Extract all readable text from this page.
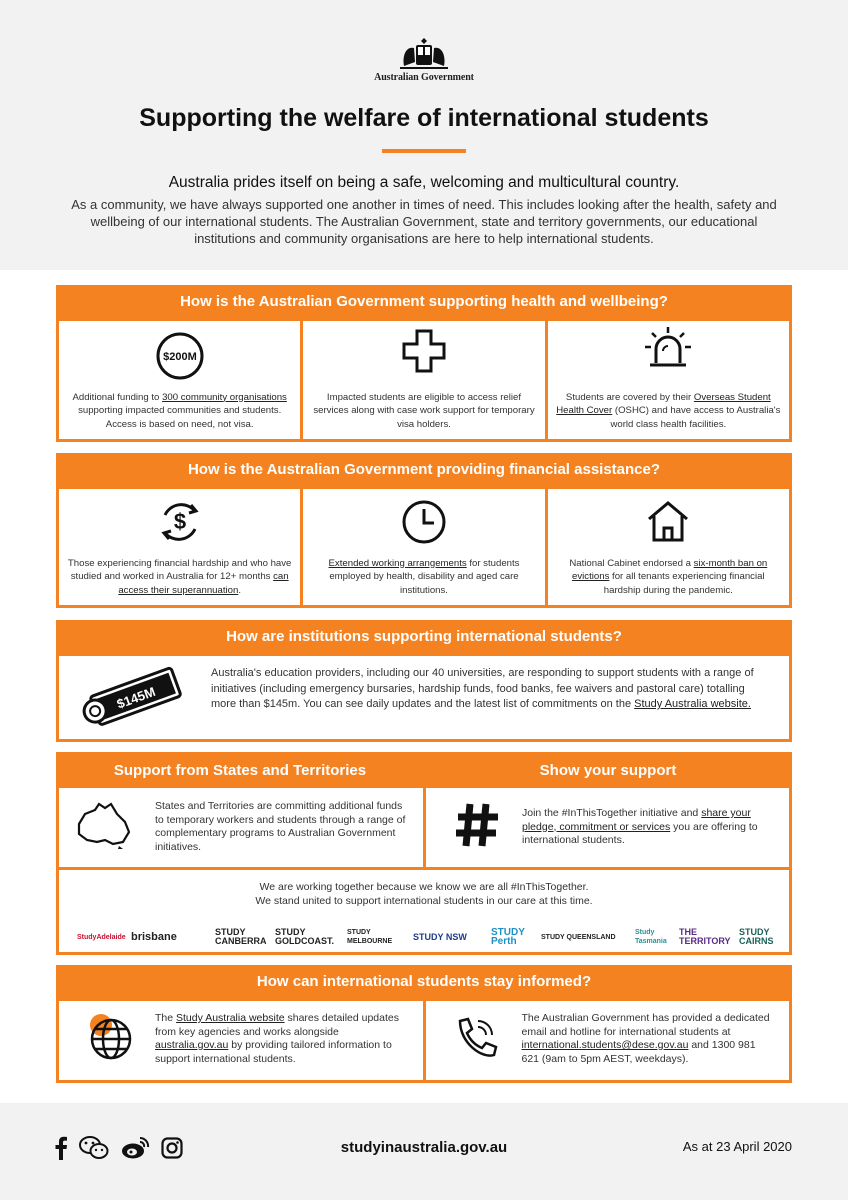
Australian Government
Supporting the welfare of international students
Australia prides itself on being a safe, welcoming and multicultural country.
As a community, we have always supported one another in times of need. This includes looking after the health, safety and wellbeing of our international students. The Australian Government, state and territory governments, our educational institutions and community organisations are here to help international students.
How is the Australian Government supporting health and wellbeing?
$200M
Additional funding to 300 community organisations supporting impacted communities and students. Access is based on need, not visa.
Impacted students are eligible to access relief services along with case work support for temporary visa holders.
Students are covered by their Overseas Student Health Cover (OSHC) and have access to Australia's world class health facilities.
How is the Australian Government providing financial assistance?
$
Those experiencing financial hardship and who have studied and worked in Australia for 12+ months can access their superannuation.
Extended working arrangements for students employed by health, disability and aged care institutions.
National Cabinet endorsed a six-month ban on evictions for all tenants experiencing financial hardship during the pandemic.
How are institutions supporting international students?
$145M
Australia's education providers, including our 40 universities, are responding to support students with a range of initiatives (including emergency bursaries, hardship funds, food banks, fee waivers and pastoral care) totalling more than $145m. You can see daily updates and the latest list of commitments on the Study Australia website.
Support from States and Territories	Show your support
States and Territories are committing additional funds to temporary workers and students through a range of complementary programs to Australian Government initiatives.
Join the #InThisTogether initiative and share your pledge, commitment or services you are offering to international students.
We are working together because we know we are all #InThisTogether.
We stand united to support international students in our care at this time.
StudyAdelaide brisbane	STUDY CANBERRA
STUDY GOLDCOAST.
STUDY MELBOURNE	STUDY NSW	STUDY Perth	STUDY QUEENSLAND
Study Tasmania
THE TERRITORY
STUDY CAIRNS
How can international students stay informed?
The Study Australia website shares detailed updates from key agencies and works alongside australia.gov.au by providing tailored information to support international students.
The Australian Government has provided a dedicated email and hotline for international students at international.students@dese.gov.au and 1300 981 621 (9am to 5pm AEST, weekdays).
studyinaustralia.gov.au	As at 23 April 2020
